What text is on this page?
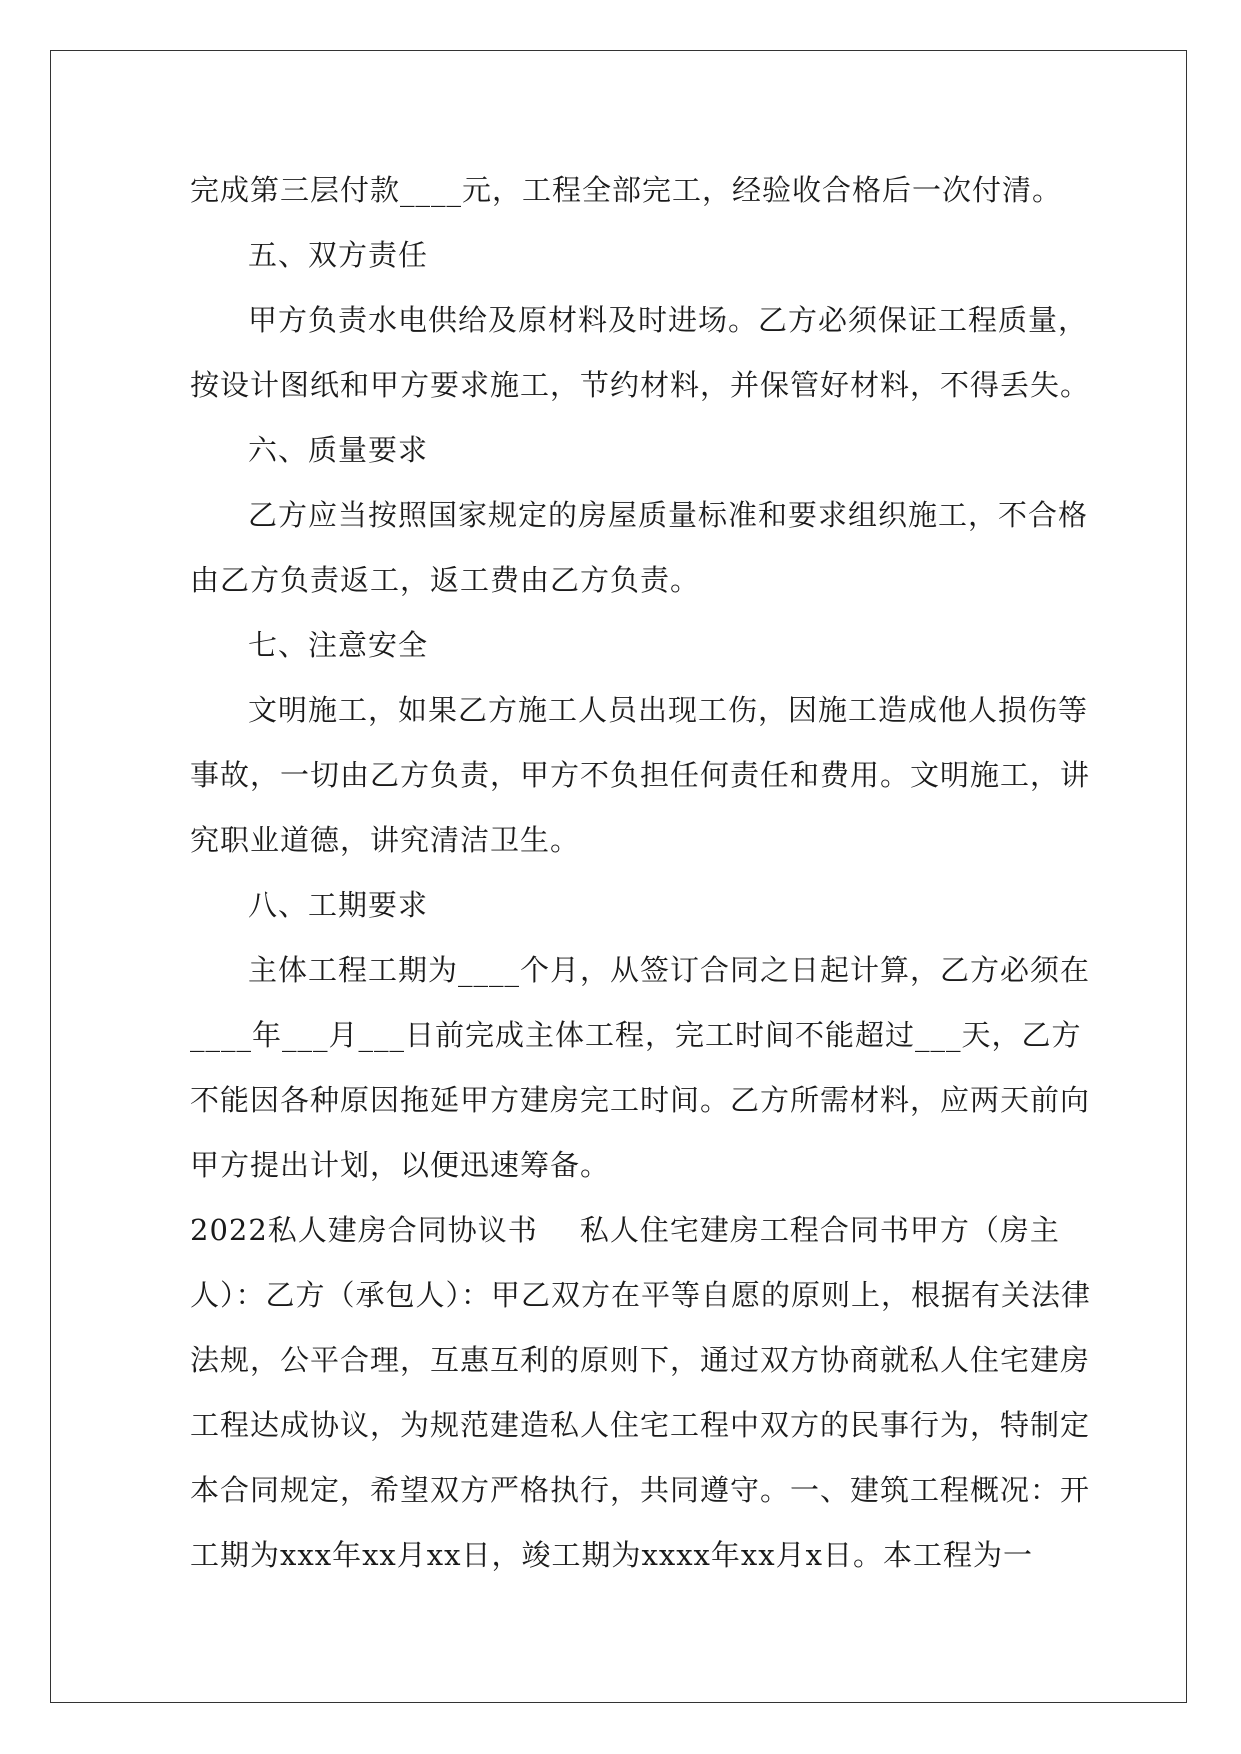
完成第三层付款____元，工程全部完工，经验收合格后一次付清。
五、双方责任
甲方负责水电供给及原材料及时进场。乙方必须保证工程质量，
按设计图纸和甲方要求施工，节约材料，并保管好材料，不得丢失。
六、质量要求
乙方应当按照国家规定的房屋质量标准和要求组织施工，不合格
由乙方负责返工，返工费由乙方负责。
七、注意安全
文明施工，如果乙方施工人员出现工伤，因施工造成他人损伤等
事故，一切由乙方负责，甲方不负担任何责任和费用。文明施工，讲
究职业道德，讲究清洁卫生。
八、工期要求
主体工程工期为____个月，从签订合同之日起计算，乙方必须在
____年___月___日前完成主体工程，完工时间不能超过___天，乙方
不能因各种原因拖延甲方建房完工时间。乙方所需材料，应两天前向
甲方提出计划，以便迅速筹备。
2022私人建房合同协议书 私人住宅建房工程合同书甲方（房主
人）：乙方（承包人）：甲乙双方在平等自愿的原则上，根据有关法律
法规，公平合理，互惠互利的原则下，通过双方协商就私人住宅建房
工程达成协议，为规范建造私人住宅工程中双方的民事行为，特制定
本合同规定，希望双方严格执行，共同遵守。一、建筑工程概况：开
工期为xxx年xx月xx日，竣工期为xxxx年xx月x日。本工程为一
